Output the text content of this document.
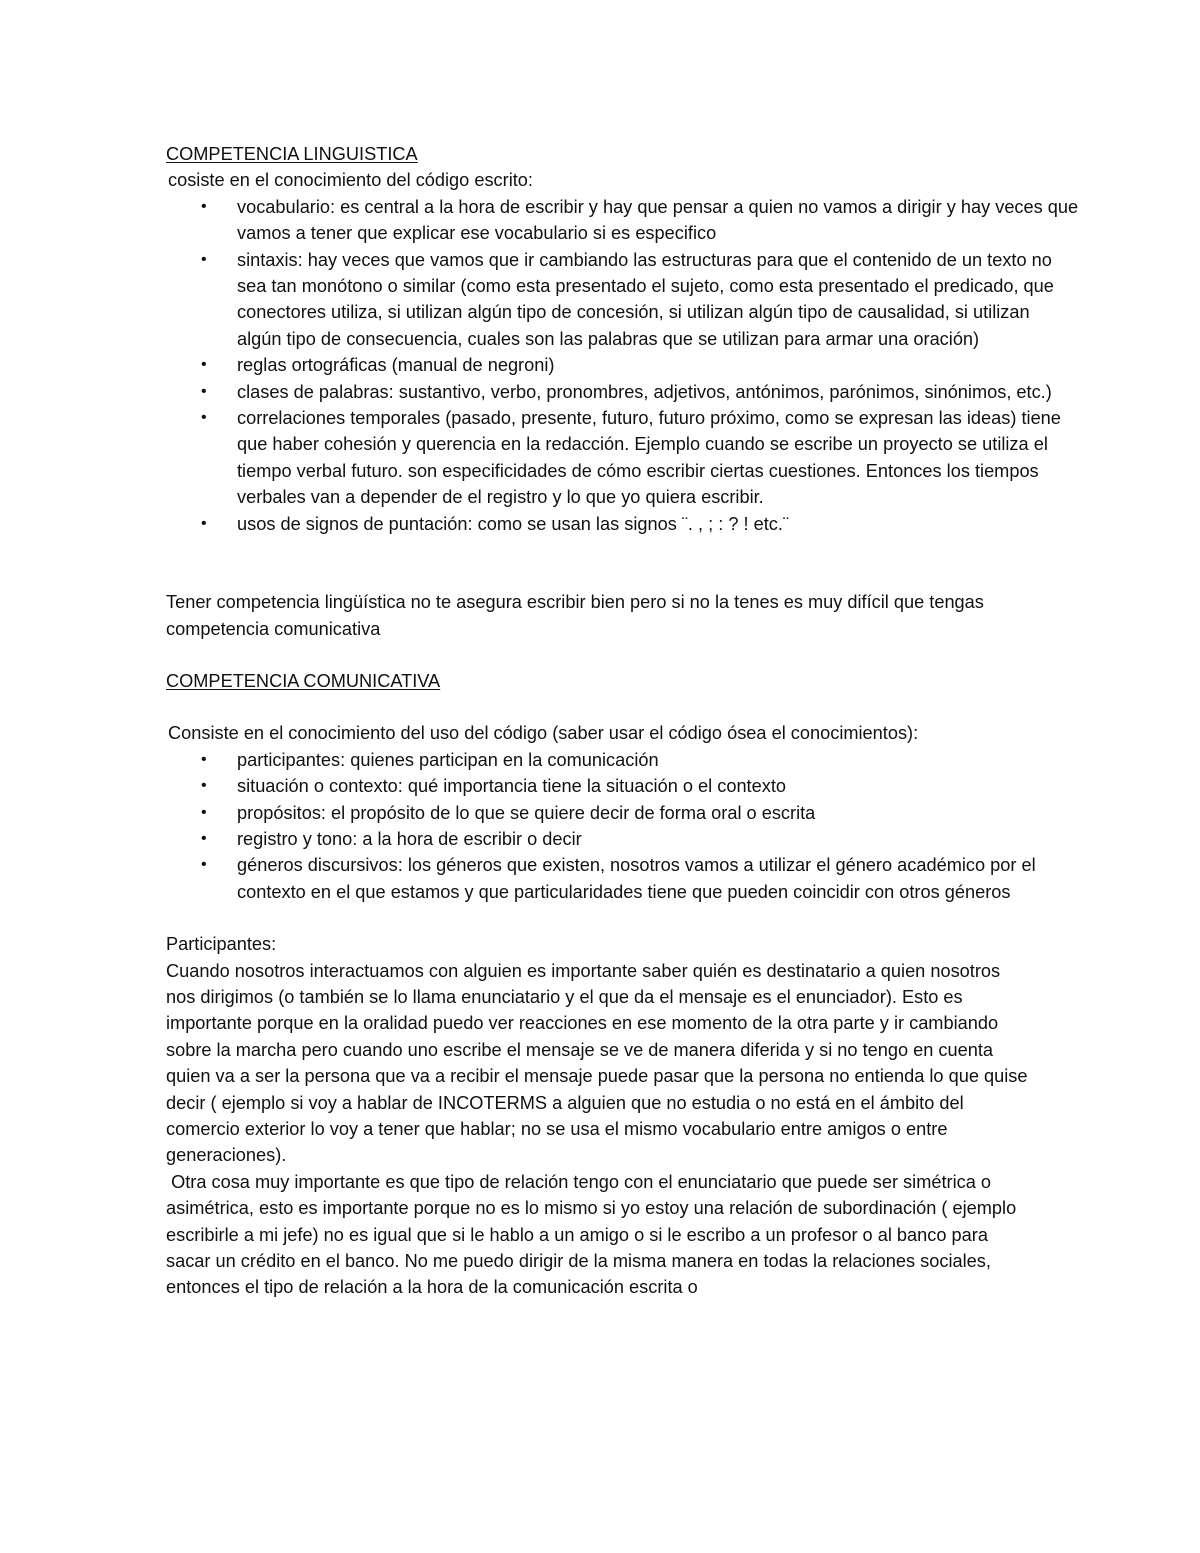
COMPETENCIA LINGUISTICA

cosiste en el conocimiento del código escrito:

• vocabulario: es central a la hora de escribir y hay que pensar a quien no vamos a dirigir y hay veces que vamos a tener que explicar ese vocabulario si es especifico
• sintaxis: hay veces que vamos que ir cambiando las estructuras para que el contenido de un texto no sea tan monótono o similar (como esta presentado el sujeto, como esta presentado el predicado, que conectores utiliza, si utilizan algún tipo de concesión, si utilizan algún tipo de causalidad, si utilizan algún tipo de consecuencia, cuales son las palabras que se utilizan para armar una oración)
• reglas ortográficas (manual de negroni)
• clases de palabras: sustantivo, verbo, pronombres, adjetivos, antónimos, parónimos, sinónimos, etc.)
• correlaciones temporales (pasado, presente, futuro, futuro próximo, como se expresan las ideas) tiene que haber cohesión y querencia en la redacción. Ejemplo cuando se escribe un proyecto se utiliza el tiempo verbal futuro. son especificidades de cómo escribir ciertas cuestiones. Entonces los tiempos verbales van a depender de el registro y lo que yo quiera escribir.
• usos de signos de puntación: como se usan las signos ¨. , ; : ? ! etc.¨

Tener competencia lingüística no te asegura escribir bien pero si no la tenes es muy difícil que tengas competencia comunicativa

COMPETENCIA COMUNICATIVA

Consiste en el conocimiento del uso del código (saber usar el código ósea el conocimientos):

• participantes: quienes participan en la comunicación
• situación o contexto: qué importancia tiene la situación o el contexto
• propósitos: el propósito de lo que se quiere decir de forma oral o escrita
• registro y tono: a la hora de escribir o decir
• géneros discursivos: los géneros que existen, nosotros vamos a utilizar el género académico por el contexto en el que estamos y que particularidades tiene que pueden coincidir con otros géneros

Participantes:

Cuando nosotros interactuamos con alguien es importante saber quién es destinatario a quien nosotros nos dirigimos (o también se lo llama enunciatario y el que da el mensaje es el enunciador). Esto es importante porque en la oralidad puedo ver reacciones en ese momento de la otra parte y ir cambiando sobre la marcha pero cuando uno escribe el mensaje se ve de manera diferida y si no tengo en cuenta quien va a ser la persona que va a recibir el mensaje puede pasar que la persona no entienda lo que quise decir ( ejemplo si voy a hablar de INCOTERMS a alguien que no estudia o no está en el ámbito del comercio exterior lo voy a tener que hablar; no se usa el mismo vocabulario entre amigos o entre generaciones).

Otra cosa muy importante es que tipo de relación tengo con el enunciatario que puede ser simétrica o asimétrica, esto es importante porque no es lo mismo si yo estoy una relación de subordinación ( ejemplo escribirle a mi jefe) no es igual que si le hablo a un amigo o si le escribo a un profesor o al banco para sacar un crédito en el banco. No me puedo dirigir de la misma manera en todas la relaciones sociales, entonces el tipo de relación a la hora de la comunicación escrita o
